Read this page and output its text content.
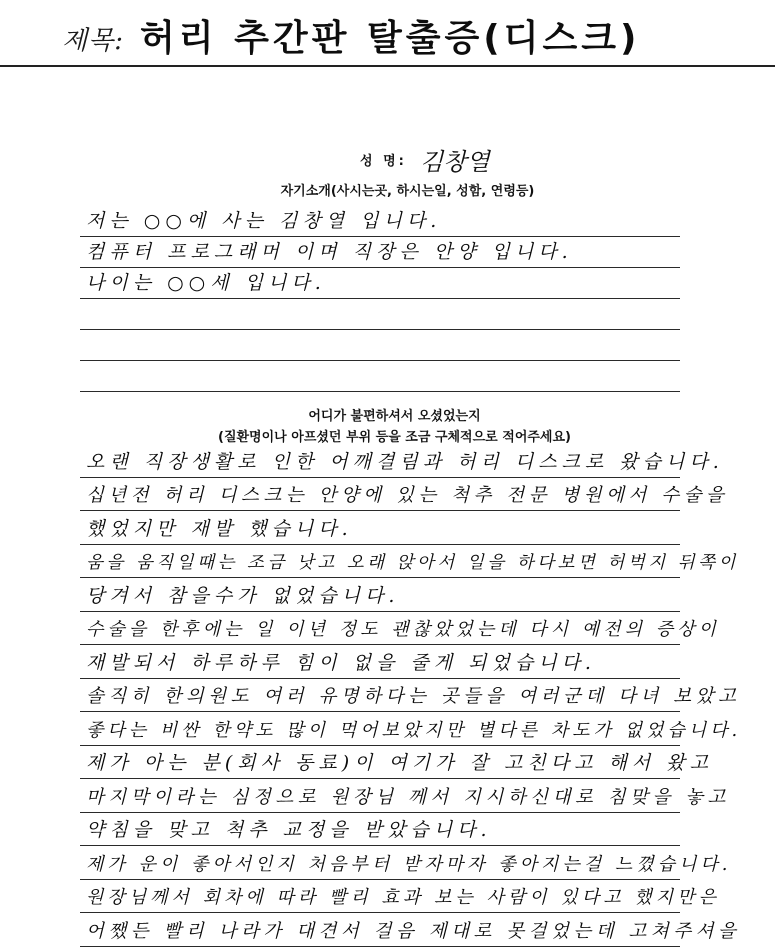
제목: 허리 추간판 탈출증(디스크)
성 명: 김창열
자기소개(사시는곳, 하시는일, 성함, 연령등)
저는 ○○에 사는 김창열 입니다.
컴퓨터 프로그래머 이며 직장은 안양 입니다.
나이는 ○○세 입니다.
어디가 불편하셔서 오셨었는지
(질환명이나 아프셨던 부위 등을 조금 구체적으로 적어주세요)
오랜 직장생활로 인한 어깨결림과 허리 디스크로 왔습니다.
십년전 허리 디스크는 안양에 있는 척추 전문 병원에서 수술을
했었지만 재발 했습니다.
움을 움직일때는 조금 낫고 오래 앉아서 일을 하다보면 허벅지 뒤쪽이
당겨서 참을수가 없었습니다.
수술을 한후에는 일 이년 정도 괜찮았었는데 다시 예전의 증상이
재발되서 하루하루 힘이 없을 줄게 되었습니다.
솔직히 한의원도 여러 유명하다는 곳들을 여러군데 다녀 보았고
좋다는 비싼 한약도 많이 먹어보았지만 별다른 차도가 없었습니다.
제가 아는 분(회사 동료)이 여기가 잘 고친다고 해서 왔고
마지막이라는 심정으로 원장님 께서 지시하신대로 침맞을 놓고
약침을 맞고 척추 교정을 받았습니다.
제가 운이 좋아서인지 처음부터 받자마자 좋아지는걸 느꼈습니다.
원장님께서 회차에 따라 빨리 효과 보는 사람이 있다고 했지만은
어쨌든 빨리 나라가 대견서 걸음 제대로 못걸었는데 고쳐주셔을
